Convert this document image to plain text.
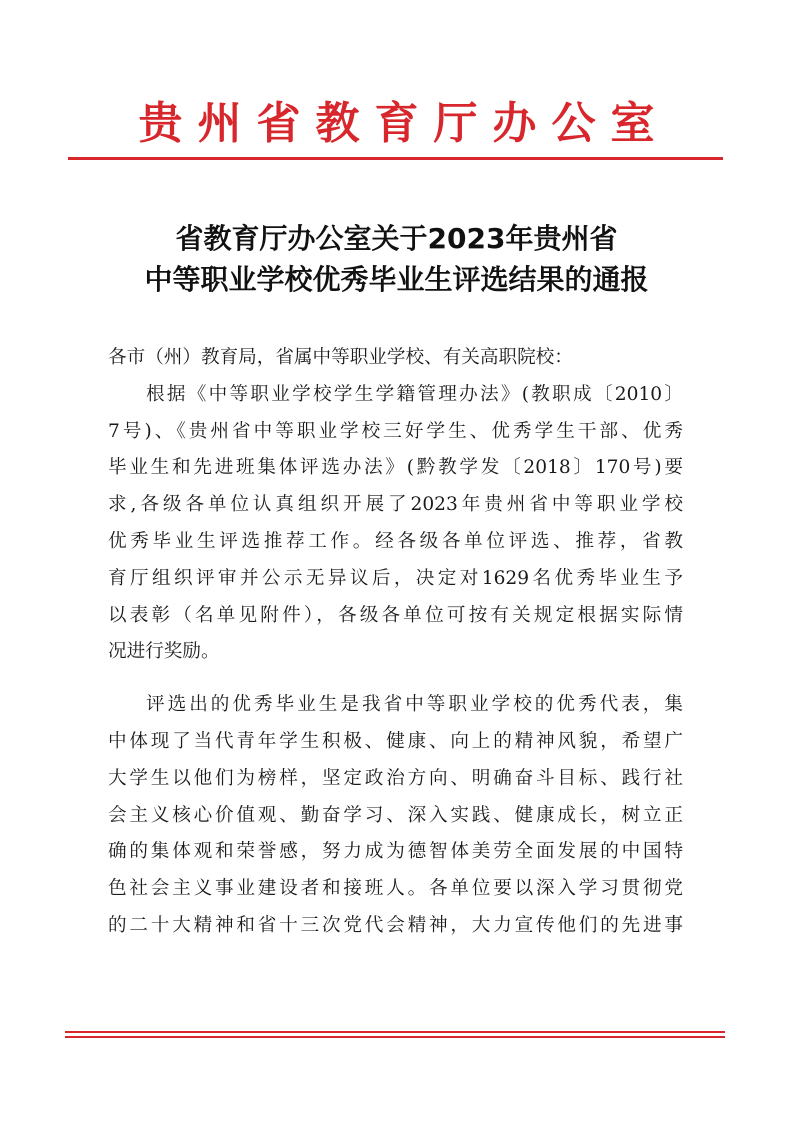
贵州省教育厅办公室
省教育厅办公室关于2023年贵州省
中等职业学校优秀毕业生评选结果的通报
各市（州）教育局，省属中等职业学校、有关高职院校：
根据《中等职业学校学生学籍管理办法》(教职成〔2010〕
7号)、《贵州省中等职业学校三好学生、优秀学生干部、优秀
毕业生和先进班集体评选办法》(黔教学发〔2018〕170号)要
求,各级各单位认真组织开展了2023年贵州省中等职业学校
优秀毕业生评选推荐工作。经各级各单位评选、推荐，省教
育厅组织评审并公示无异议后，决定对1629名优秀毕业生予
以表彰（名单见附件），各级各单位可按有关规定根据实际情
况进行奖励。
评选出的优秀毕业生是我省中等职业学校的优秀代表，集
中体现了当代青年学生积极、健康、向上的精神风貌，希望广
大学生以他们为榜样，坚定政治方向、明确奋斗目标、践行社
会主义核心价值观、勤奋学习、深入实践、健康成长，树立正
确的集体观和荣誉感，努力成为德智体美劳全面发展的中国特
色社会主义事业建设者和接班人。各单位要以深入学习贯彻党
的二十大精神和省十三次党代会精神，大力宣传他们的先进事
